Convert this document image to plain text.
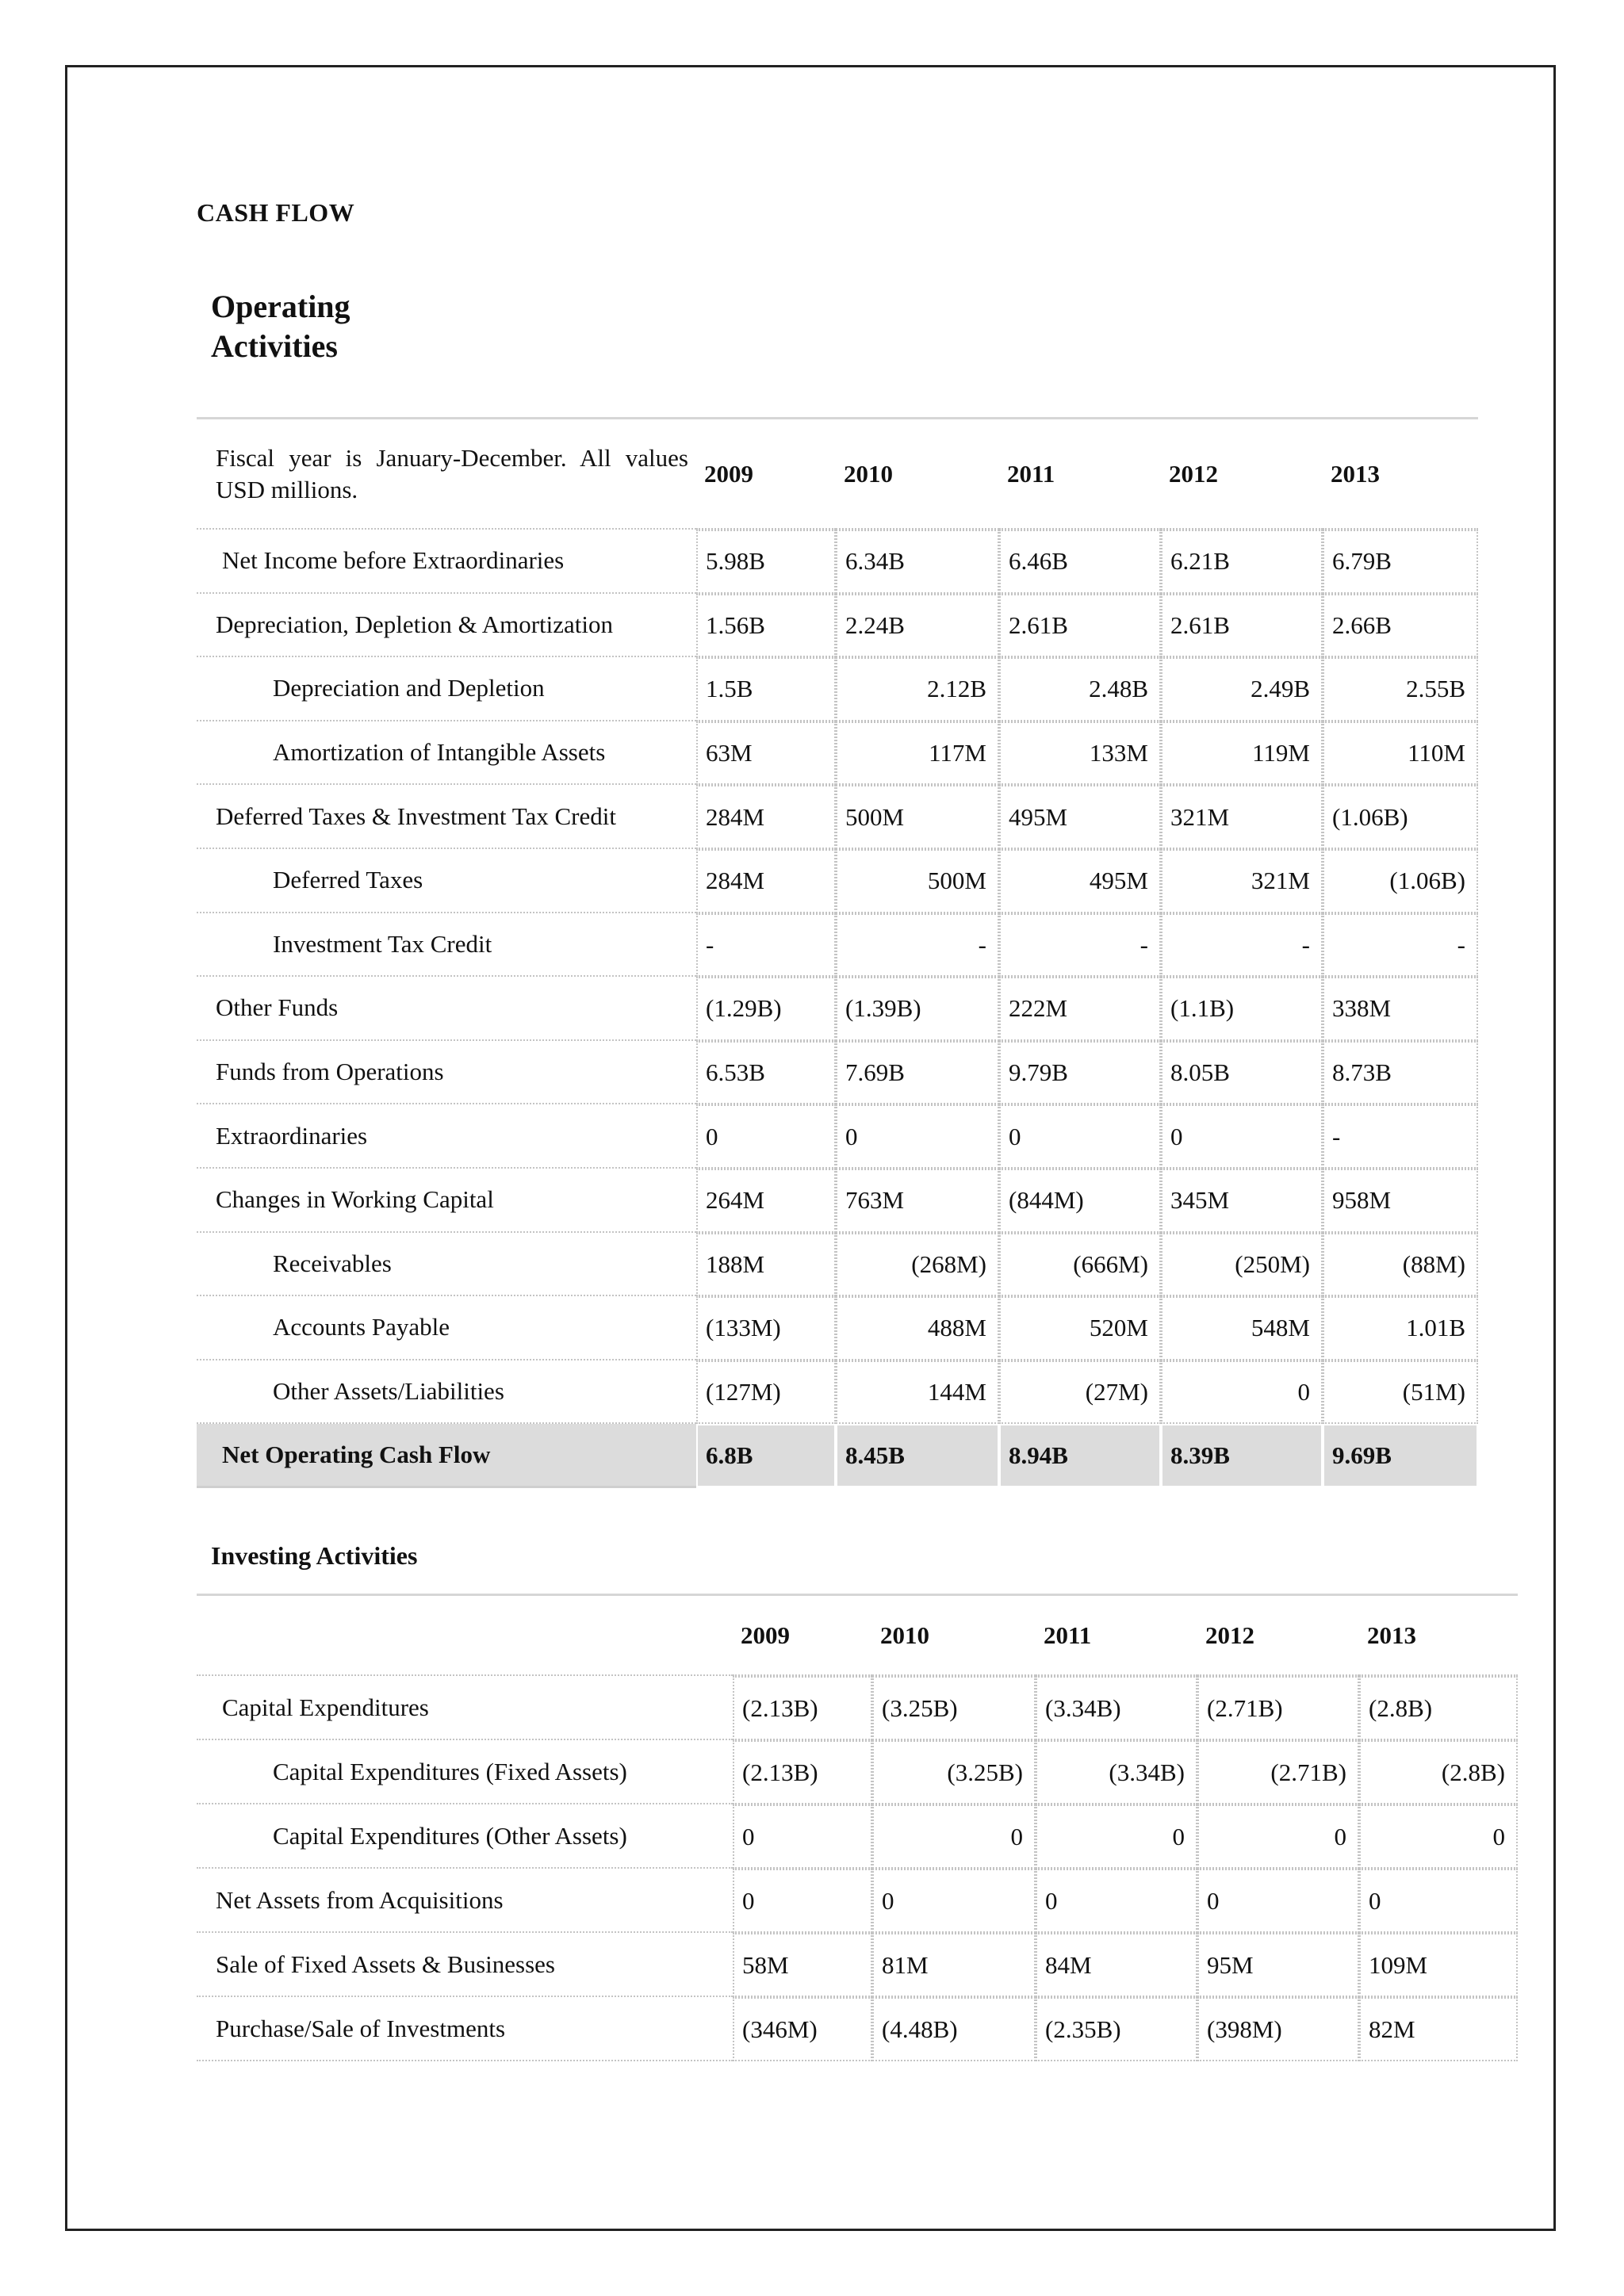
CASH FLOW
Operating
Activities
Fiscal year is January-December. All values USD millions.	2009	2010	2011	2012	2013
Net Income before Extraordinaries	5.98B	6.34B	6.46B	6.21B	6.79B
Depreciation, Depletion & Amortization	1.56B	2.24B	2.61B	2.61B	2.66B
Depreciation and Depletion	1.5B	2.12B	2.48B	2.49B	2.55B
Amortization of Intangible Assets	63M	117M	133M	119M	110M
Deferred Taxes & Investment Tax Credit	284M	500M	495M	321M	(1.06B)
Deferred Taxes	284M	500M	495M	321M	(1.06B)
Investment Tax Credit	-	-	-	-	-
Other Funds	(1.29B)	(1.39B)	222M	(1.1B)	338M
Funds from Operations	6.53B	7.69B	9.79B	8.05B	8.73B
Extraordinaries	0	0	0	0	-
Changes in Working Capital	264M	763M	(844M)	345M	958M
Receivables	188M	(268M)	(666M)	(250M)	(88M)
Accounts Payable	(133M)	488M	520M	548M	1.01B
Other Assets/Liabilities	(127M)	144M	(27M)	0	(51M)
Net Operating Cash Flow	6.8B	8.45B	8.94B	8.39B	9.69B
Investing Activities
	2009	2010	2011	2012	2013
Capital Expenditures	(2.13B)	(3.25B)	(3.34B)	(2.71B)	(2.8B)
Capital Expenditures (Fixed Assets)	(2.13B)	(3.25B)	(3.34B)	(2.71B)	(2.8B)
Capital Expenditures (Other Assets)	0	0	0	0	0
Net Assets from Acquisitions	0	0	0	0	0
Sale of Fixed Assets & Businesses	58M	81M	84M	95M	109M
Purchase/Sale of Investments	(346M)	(4.48B)	(2.35B)	(398M)	82M
